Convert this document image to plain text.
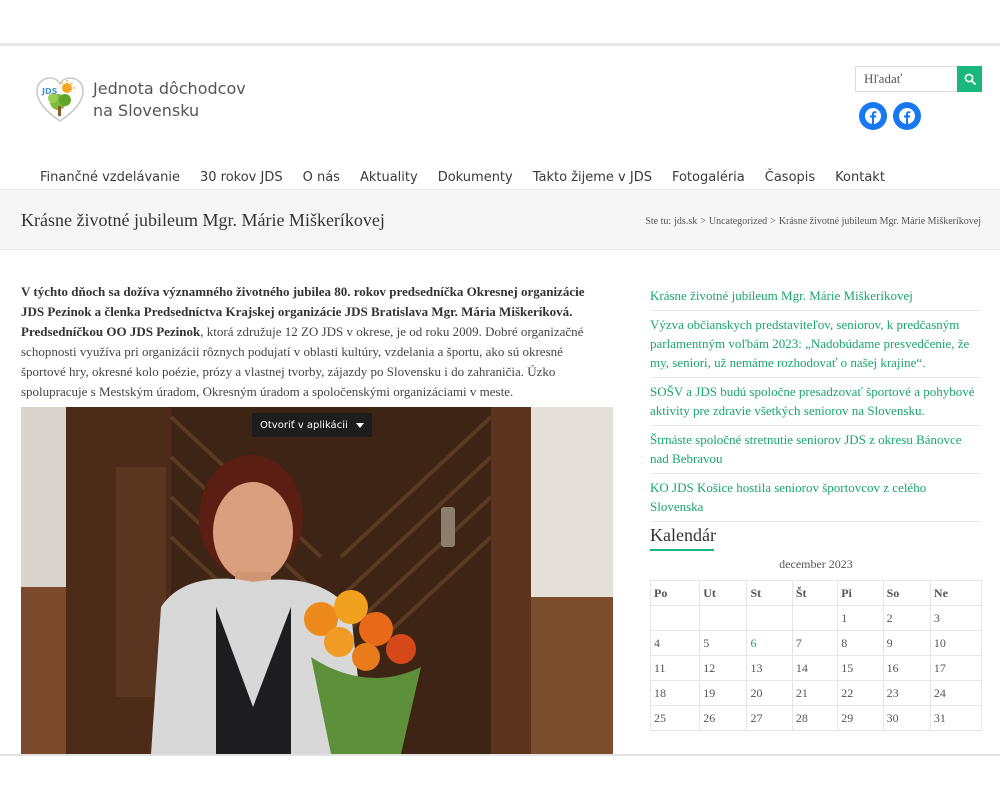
JDS Jednota dôchodcov
na Slovensku
Hľadať
Finančné vzdelávanie	30 rokov JDS	O nás	Aktuality	Dokumenty	Takto žijeme v JDS	Fotogaléria	Časopis	Kontakt
Krásne životné jubileum Mgr. Márie Miškeríkovej	Ste tu: jds.sk > Uncategorized > Krásne životné jubileum Mgr. Márie Miškeríkovej

V týchto dňoch sa dožíva významného životného jubilea 80. rokov predsedníčka Okresnej organizácie JDS Pezinok a členka Predsedníctva Krajskej organizácie JDS Bratislava Mgr. Mária Miškeríková. Predsedníčkou OO JDS Pezinok, ktorá združuje 12 ZO JDS v okrese, je od roku 2009. Dobré organizačné schopnosti využíva pri organizácii rôznych podujatí v oblasti kultúry, vzdelania a športu, ako sú okresné športové hry, okresné kolo poézie, prózy a vlastnej tvorby, zájazdy po Slovensku i do zahraničia. Úzko spolupracuje s Mestským úradom, Okresným úradom a spoločenskými organizáciami v meste.

Otvoriť v aplikácii
Krásne životné jubileum Mgr. Márie Miškeríkovej
Výzva občianskych predstaviteľov, seniorov, k predčasným parlamentným voľbám 2023: „Nadobúdame presvedčenie, že my, seniori, už nemáme rozhodovať o našej krajine“.
SOŠV a JDS budú spoločne presadzovať športové a pohybové aktivity pre zdravie všetkých seniorov na Slovensku.
Štrnáste spoločné stretnutie seniorov JDS z okresu Bánovce nad Bebravou
KO JDS Košice hostila seniorov športovcov z celého Slovenska
Kalendár
december 2023
Po	Ut	St	Št	Pi	So	Ne
				1	2	3
4	5	6	7	8	9	10
11	12	13	14	15	16	17
18	19	20	21	22	23	24
25	26	27	28	29	30	31
